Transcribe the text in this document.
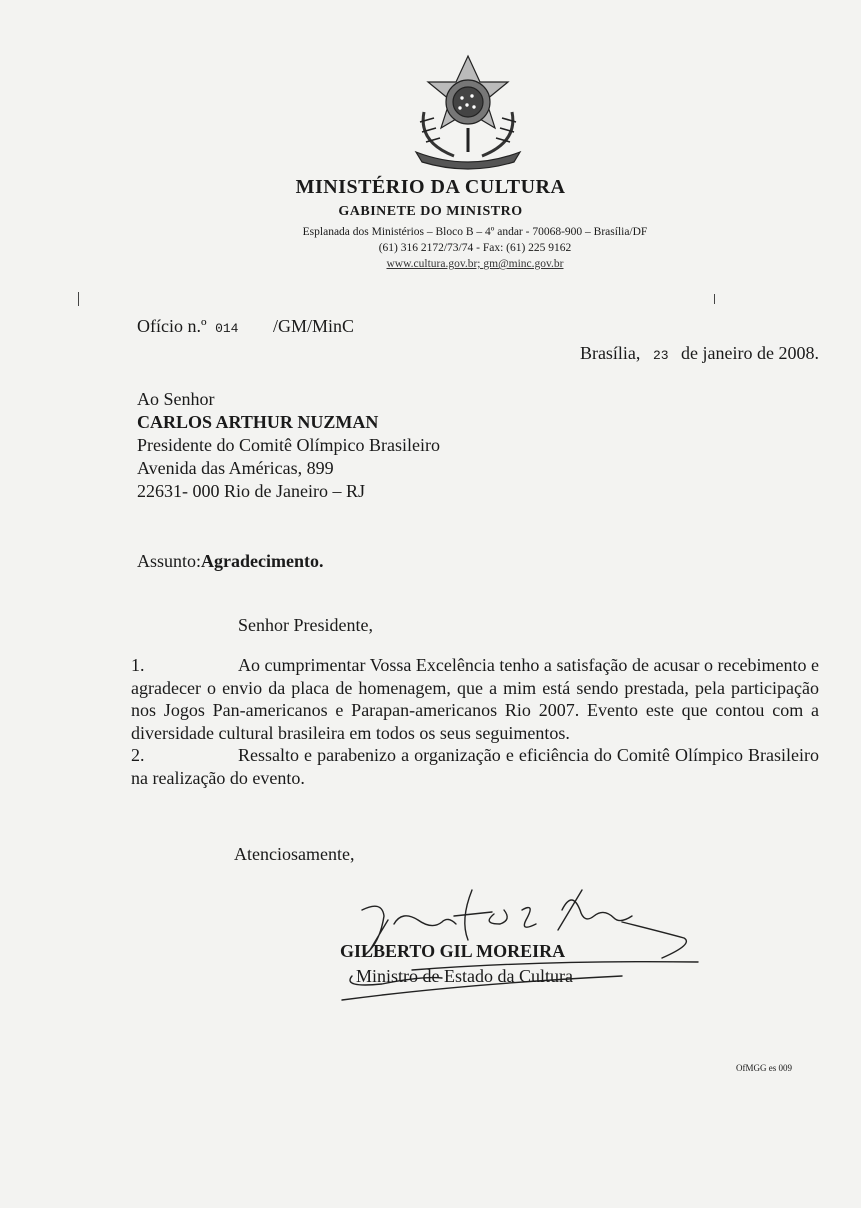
MINISTÉRIO DA CULTURA
GABINETE DO MINISTRO
Esplanada dos Ministérios – Bloco B – 4º andar - 70068-900 – Brasília/DF
(61) 316 2172/73/74 - Fax: (61) 225 9162
www.cultura.gov.br; gm@minc.gov.br
Ofício n.º 014 /GM/MinC
Brasília, 23 de janeiro de 2008.
Ao Senhor
CARLOS ARTHUR NUZMAN
Presidente do Comitê Olímpico Brasileiro
Avenida das Américas, 899
22631- 000 Rio de Janeiro – RJ
Assunto:Agradecimento.
Senhor Presidente,

1.	Ao cumprimentar Vossa Excelência tenho a satisfação de acusar o recebimento e agradecer o envio da placa de homenagem, que a mim está sendo prestada, pela participação nos Jogos Pan-americanos e Parapan-americanos Rio 2007. Evento este que contou com a diversidade cultural brasileira em todos os seus seguimentos.

2.	Ressalto e parabenizo a organização e eficiência do Comitê Olímpico Brasileiro na realização do evento.

Atenciosamente,
GILBERTO GIL MOREIRA
Ministro de Estado da Cultura
OfMGG es 009
